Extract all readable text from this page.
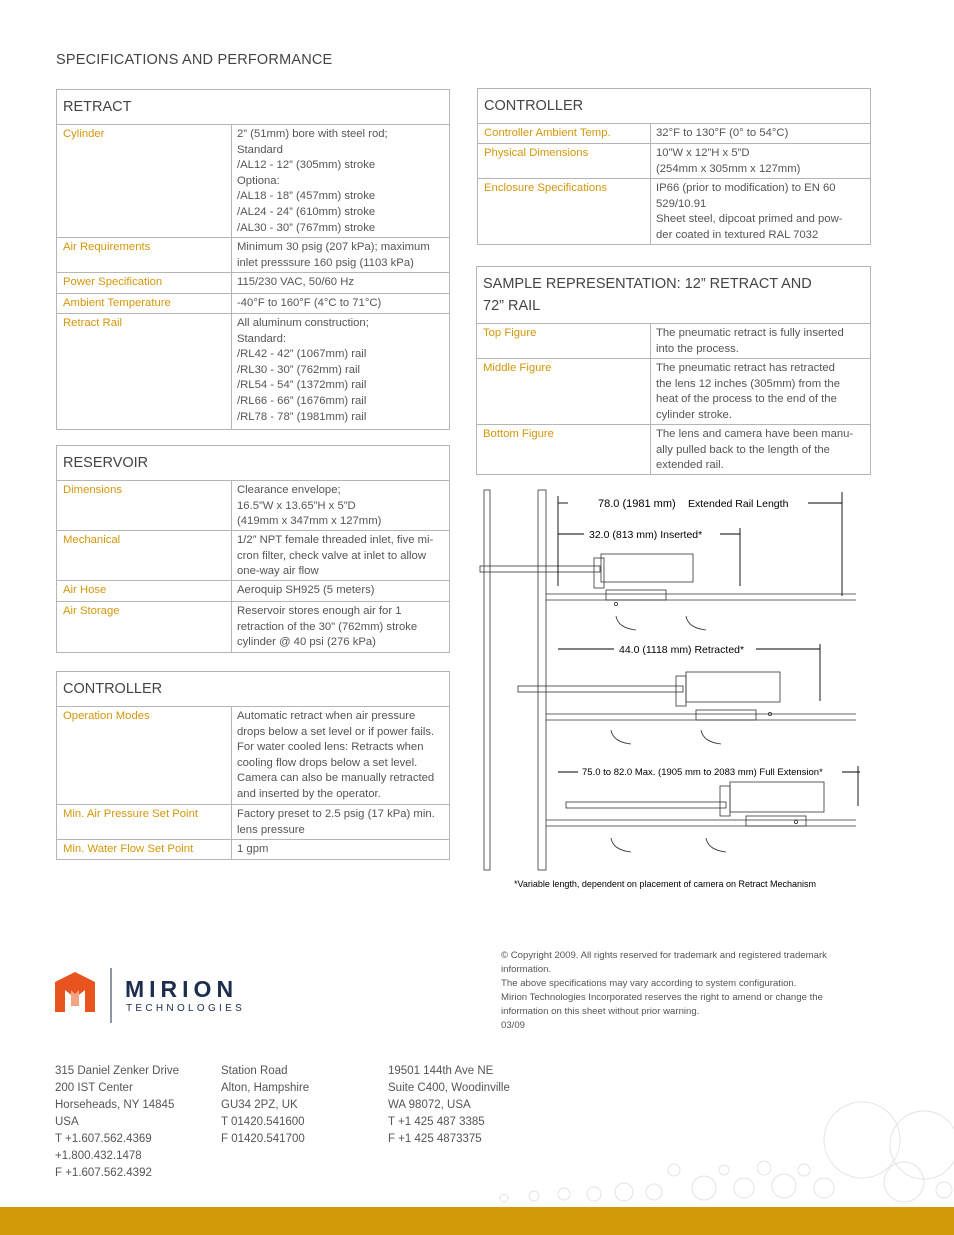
SPECIFICATIONS AND PERFORMANCE
RETRACT
Cylinder	2” (51mm) bore with steel rod;
Standard
/AL12 - 12” (305mm) stroke
Optiona:
/AL18 - 18” (457mm) stroke
/AL24 - 24” (610mm) stroke
/AL30 - 30” (767mm) stroke
Air Requirements	Minimum 30 psig (207 kPa); maximum
inlet presssure 160 psig (1103 kPa)
Power Specification	115/230 VAC, 50/60 Hz
Ambient Temperature	-40°F to 160°F (4°C to 71°C)
Retract Rail	All aluminum construction;
Standard:
/RL42 - 42” (1067mm) rail
/RL30 - 30” (762mm) rail
/RL54 - 54” (1372mm) rail
/RL66 - 66” (1676mm) rail
/RL78 - 78” (1981mm) rail
RESERVOIR
Dimensions	Clearance envelope;
16.5”W x 13.65”H x 5”D
(419mm x 347mm x 127mm)
Mechanical	1/2” NPT female threaded inlet, five mi-
cron filter, check valve at inlet to allow
one-way air flow
Air Hose	Aeroquip SH925 (5 meters)
Air Storage	Reservoir stores enough air for 1
retraction of the 30” (762mm) stroke
cylinder @ 40 psi (276 kPa)
CONTROLLER
Operation Modes	Automatic retract when air pressure
drops below a set level or if power fails.
For water cooled lens: Retracts when
cooling flow drops below a set level.
Camera can also be manually retracted
and inserted by the operator.
Min. Air Pressure Set Point	Factory preset to 2.5 psig (17 kPa) min.
lens pressure
Min. Water Flow Set Point	1 gpm
CONTROLLER
Controller Ambient Temp.	32°F to 130°F (0° to 54°C)
Physical Dimensions	10”W x 12”H x 5”D
(254mm x 305mm x 127mm)
Enclosure Specifications	IP66 (prior to modification) to EN 60
529/10.91
Sheet steel, dipcoat primed and pow-
der coated in textured RAL 7032
SAMPLE REPRESENTATION: 12” RETRACT AND
72” RAIL
Top Figure	The pneumatic retract is fully inserted
into the process.
Middle Figure	The pneumatic retract has retracted
the lens 12 inches (305mm) from the
heat of the process to the end of the
cylinder stroke.
Bottom Figure	The lens and camera have been manu-
ally pulled back to the length of the
extended rail.
78.0 (1981 mm) Extended Rail Length
32.0 (813 mm) Inserted*
44.0 (1118 mm) Retracted*
75.0 to 82.0 Max. (1905 mm to 2083 mm) Full Extension*
*Variable length, dependent on placement of camera on Retract Mechanism
© Copyright 2009. All rights reserved for trademark and registered trademark
information.
The above specifications may vary according to system configuration.
Mirion Technologies Incorporated reserves the right to amend or change the
information on this sheet without prior warning.
03/09
MIRION
TECHNOLOGIES
315 Daniel Zenker Drive
200 IST Center
Horseheads, NY 14845
USA
T +1.607.562.4369
+1.800.432.1478
F +1.607.562.4392
Station Road
Alton, Hampshire
GU34 2PZ, UK
T 01420.541600
F 01420.541700
19501 144th Ave NE
Suite C400, Woodinville
WA 98072, USA
T +1 425 487 3385
F +1 425 4873375
